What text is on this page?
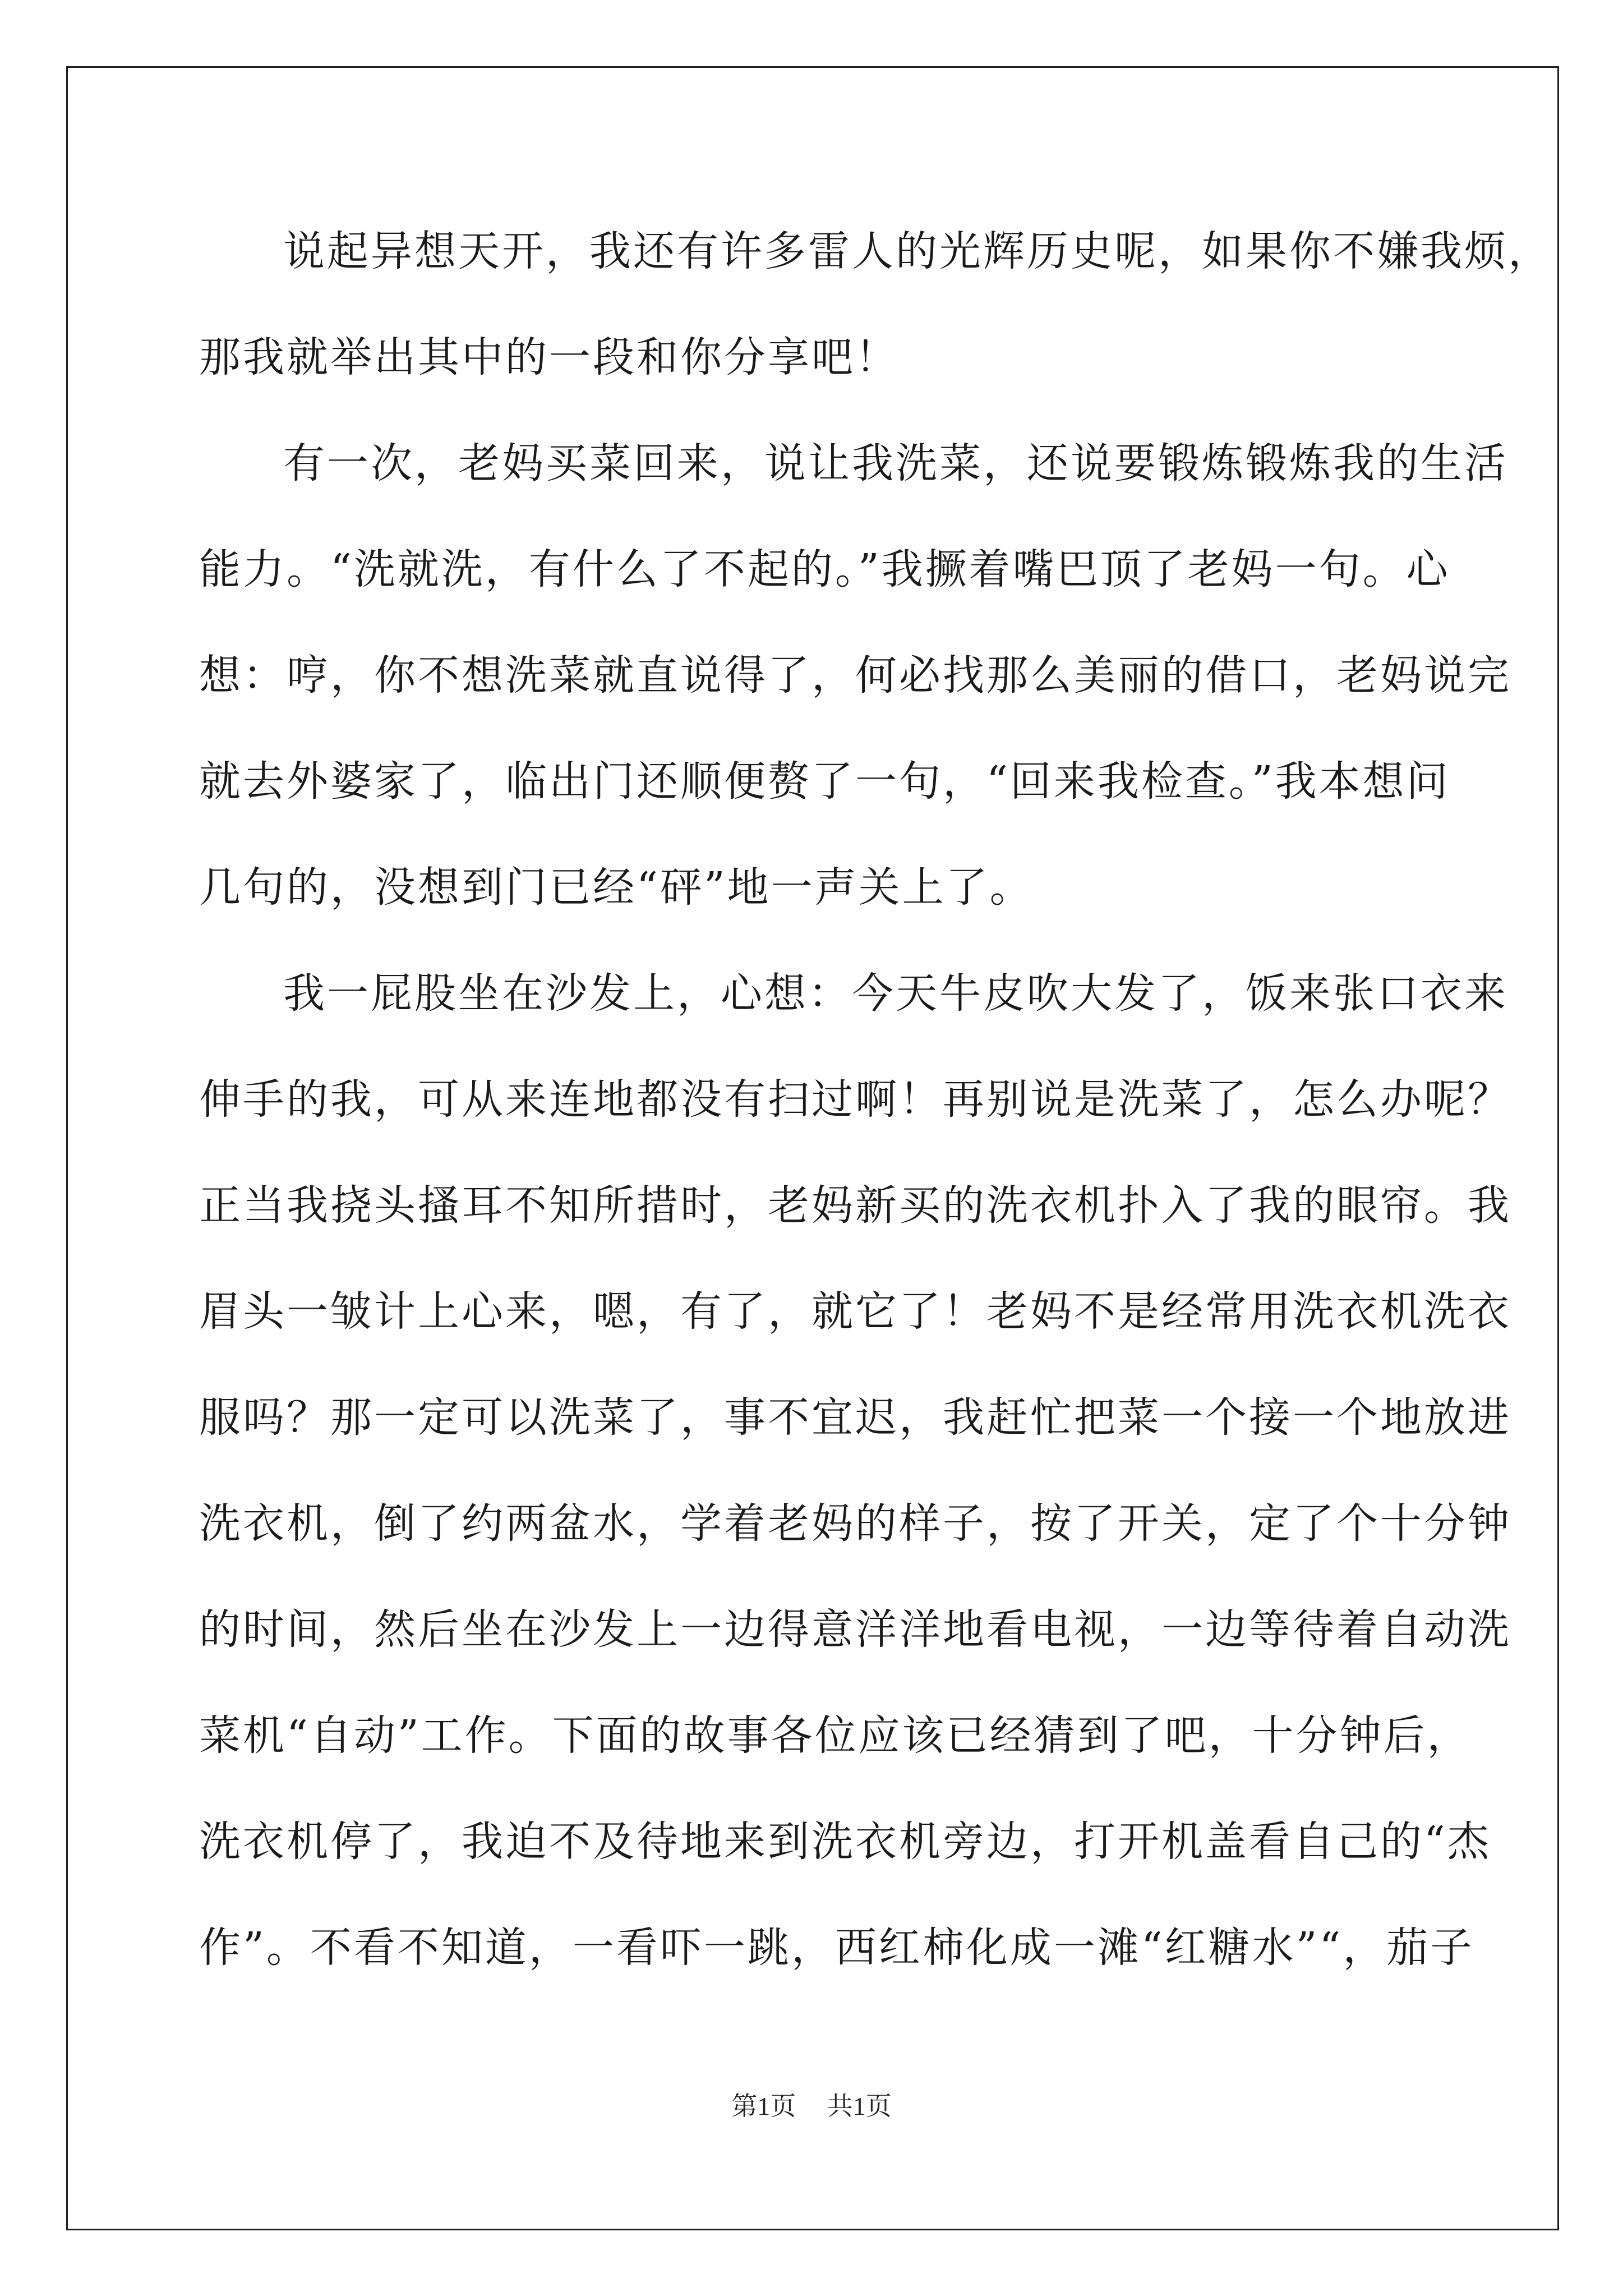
说起异想天开，我还有许多雷人的光辉历史呢，如果你不嫌我烦，
那我就举出其中的一段和你分享吧！
有一次，老妈买菜回来，说让我洗菜，还说要锻炼锻炼我的生活
能力。“洗就洗，有什么了不起的。”我撅着嘴巴顶了老妈一句。心
想：哼，你不想洗菜就直说得了，何必找那么美丽的借口，老妈说完
就去外婆家了，临出门还顺便赘了一句，“回来我检查。”我本想问
几句的，没想到门已经“砰”地一声关上了。
我一屁股坐在沙发上，心想：今天牛皮吹大发了，饭来张口衣来
伸手的我，可从来连地都没有扫过啊！再别说是洗菜了，怎么办呢？
正当我挠头搔耳不知所措时，老妈新买的洗衣机扑入了我的眼帘。我
眉头一皱计上心来，嗯，有了，就它了！老妈不是经常用洗衣机洗衣
服吗？那一定可以洗菜了，事不宜迟，我赶忙把菜一个接一个地放进
洗衣机，倒了约两盆水，学着老妈的样子，按了开关，定了个十分钟
的时间，然后坐在沙发上一边得意洋洋地看电视，一边等待着自动洗
菜机“自动”工作。下面的故事各位应该已经猜到了吧，十分钟后，
洗衣机停了，我迫不及待地来到洗衣机旁边，打开机盖看自己的“杰
作”。不看不知道，一看吓一跳，西红柿化成一滩“红糖水”“，茄子
第1页 共1页
